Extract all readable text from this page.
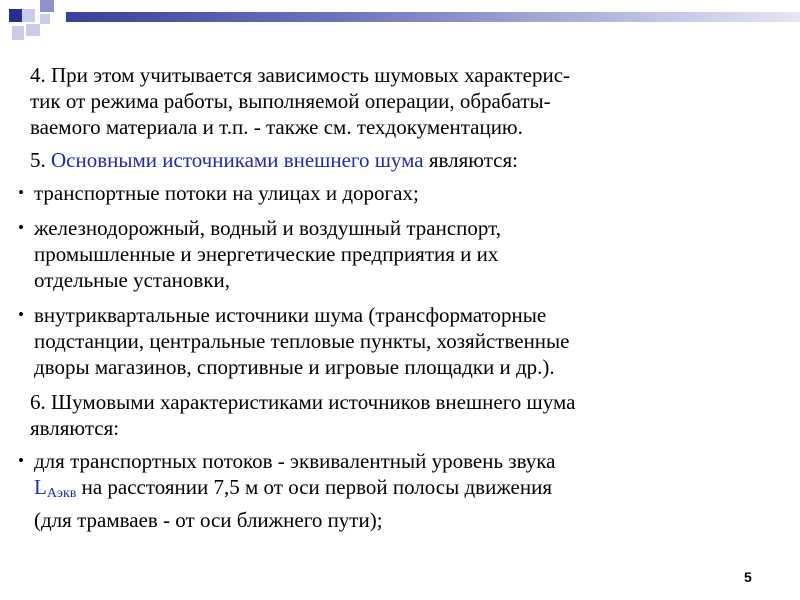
4. При этом учитывается зависимость шумовых характерис-
тик от режима работы, выполняемой операции, обрабаты-
ваемого материала и т.п. - также см. техдокументацию.
5. Основными источниками внешнего шума являются:
• транспортные потоки на улицах и дорогах;
• железнодорожный, водный и воздушный транспорт,
промышленные и энергетические предприятия и их
отдельные установки,
• внутриквартальные источники шума (трансформаторные
подстанции, центральные тепловые пункты, хозяйственные
дворы магазинов, спортивные и игровые площадки и др.).
6. Шумовыми характеристиками источников внешнего шума
являются:
• для транспортных потоков - эквивалентный уровень звука
$L_{Аэкв}$ на расстоянии 7,5 м от оси первой полосы движения
(для трамваев - от оси ближнего пути);
5
